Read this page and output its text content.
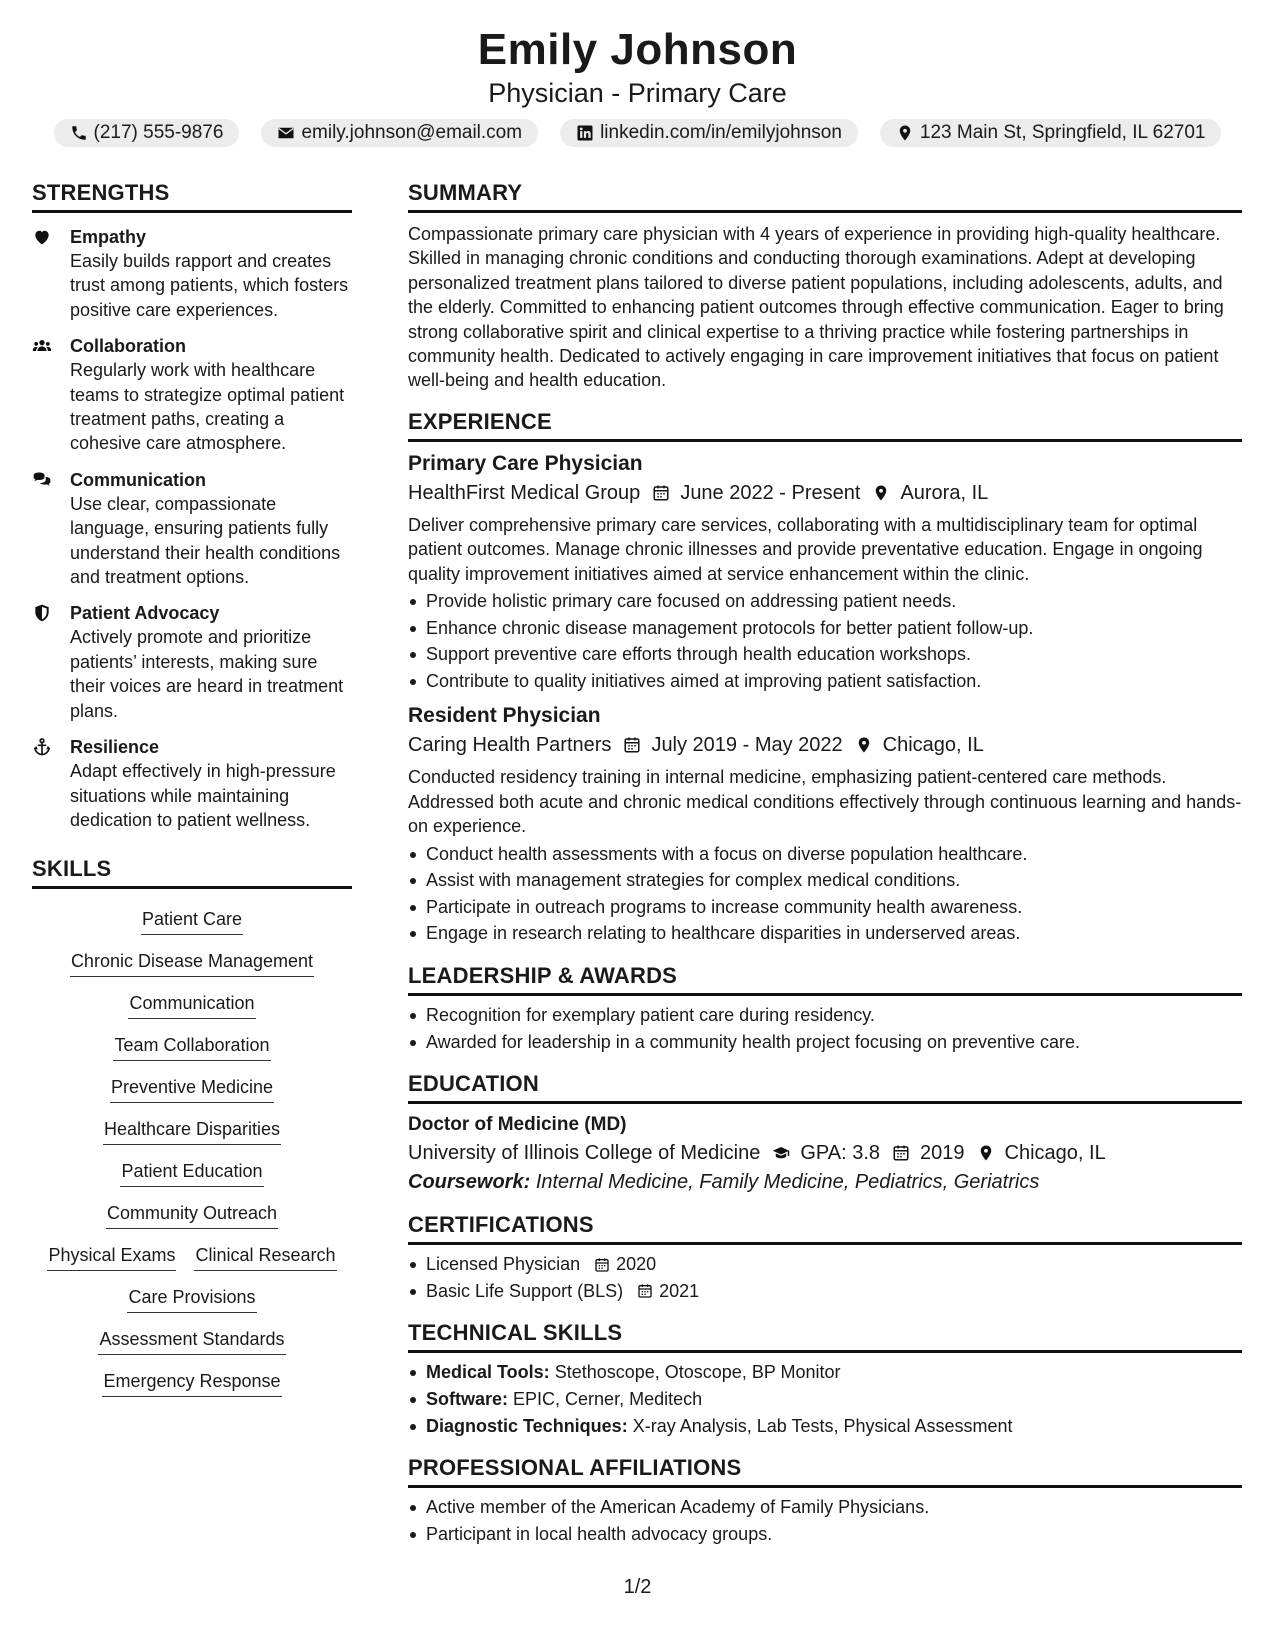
Emily Johnson
Physician - Primary Care
(217) 555-9876	emily.johnson@email.com	linkedin.com/in/emilyjohnson	123 Main St, Springfield, IL 62701
STRENGTHS
Empathy
Easily builds rapport and creates trust among patients, which fosters positive care experiences.
Collaboration
Regularly work with healthcare teams to strategize optimal patient treatment paths, creating a cohesive care atmosphere.
Communication
Use clear, compassionate language, ensuring patients fully understand their health conditions and treatment options.
Patient Advocacy
Actively promote and prioritize patients’ interests, making sure their voices are heard in treatment plans.
Resilience
Adapt effectively in high-pressure situations while maintaining dedication to patient wellness.
SKILLS
Patient Care
Chronic Disease Management
Communication
Team Collaboration
Preventive Medicine
Healthcare Disparities
Patient Education
Community Outreach
Physical Exams Clinical Research
Care Provisions
Assessment Standards
Emergency Response
SUMMARY
Compassionate primary care physician with 4 years of experience in providing high-quality healthcare. Skilled in managing chronic conditions and conducting thorough examinations. Adept at developing personalized treatment plans tailored to diverse patient populations, including adolescents, adults, and the elderly. Committed to enhancing patient outcomes through effective communication. Eager to bring strong collaborative spirit and clinical expertise to a thriving practice while fostering partnerships in community health. Dedicated to actively engaging in care improvement initiatives that focus on patient well-being and health education.
EXPERIENCE
Primary Care Physician
HealthFirst Medical Group June 2022 - Present Aurora, IL
Deliver comprehensive primary care services, collaborating with a multidisciplinary team for optimal patient outcomes. Manage chronic illnesses and provide preventative education. Engage in ongoing quality improvement initiatives aimed at service enhancement within the clinic.
Provide holistic primary care focused on addressing patient needs.
Enhance chronic disease management protocols for better patient follow-up.
Support preventive care efforts through health education workshops.
Contribute to quality initiatives aimed at improving patient satisfaction.
Resident Physician
Caring Health Partners July 2019 - May 2022 Chicago, IL
Conducted residency training in internal medicine, emphasizing patient-centered care methods. Addressed both acute and chronic medical conditions effectively through continuous learning and hands-on experience.
Conduct health assessments with a focus on diverse population healthcare.
Assist with management strategies for complex medical conditions.
Participate in outreach programs to increase community health awareness.
Engage in research relating to healthcare disparities in underserved areas.
LEADERSHIP & AWARDS
Recognition for exemplary patient care during residency.
Awarded for leadership in a community health project focusing on preventive care.
EDUCATION
Doctor of Medicine (MD)
University of Illinois College of Medicine GPA: 3.8 2019 Chicago, IL
Coursework: Internal Medicine, Family Medicine, Pediatrics, Geriatrics
CERTIFICATIONS
Licensed Physician 2020
Basic Life Support (BLS) 2021
TECHNICAL SKILLS
Medical Tools: Stethoscope, Otoscope, BP Monitor
Software: EPIC, Cerner, Meditech
Diagnostic Techniques: X-ray Analysis, Lab Tests, Physical Assessment
PROFESSIONAL AFFILIATIONS
Active member of the American Academy of Family Physicians.
Participant in local health advocacy groups.
1/2
